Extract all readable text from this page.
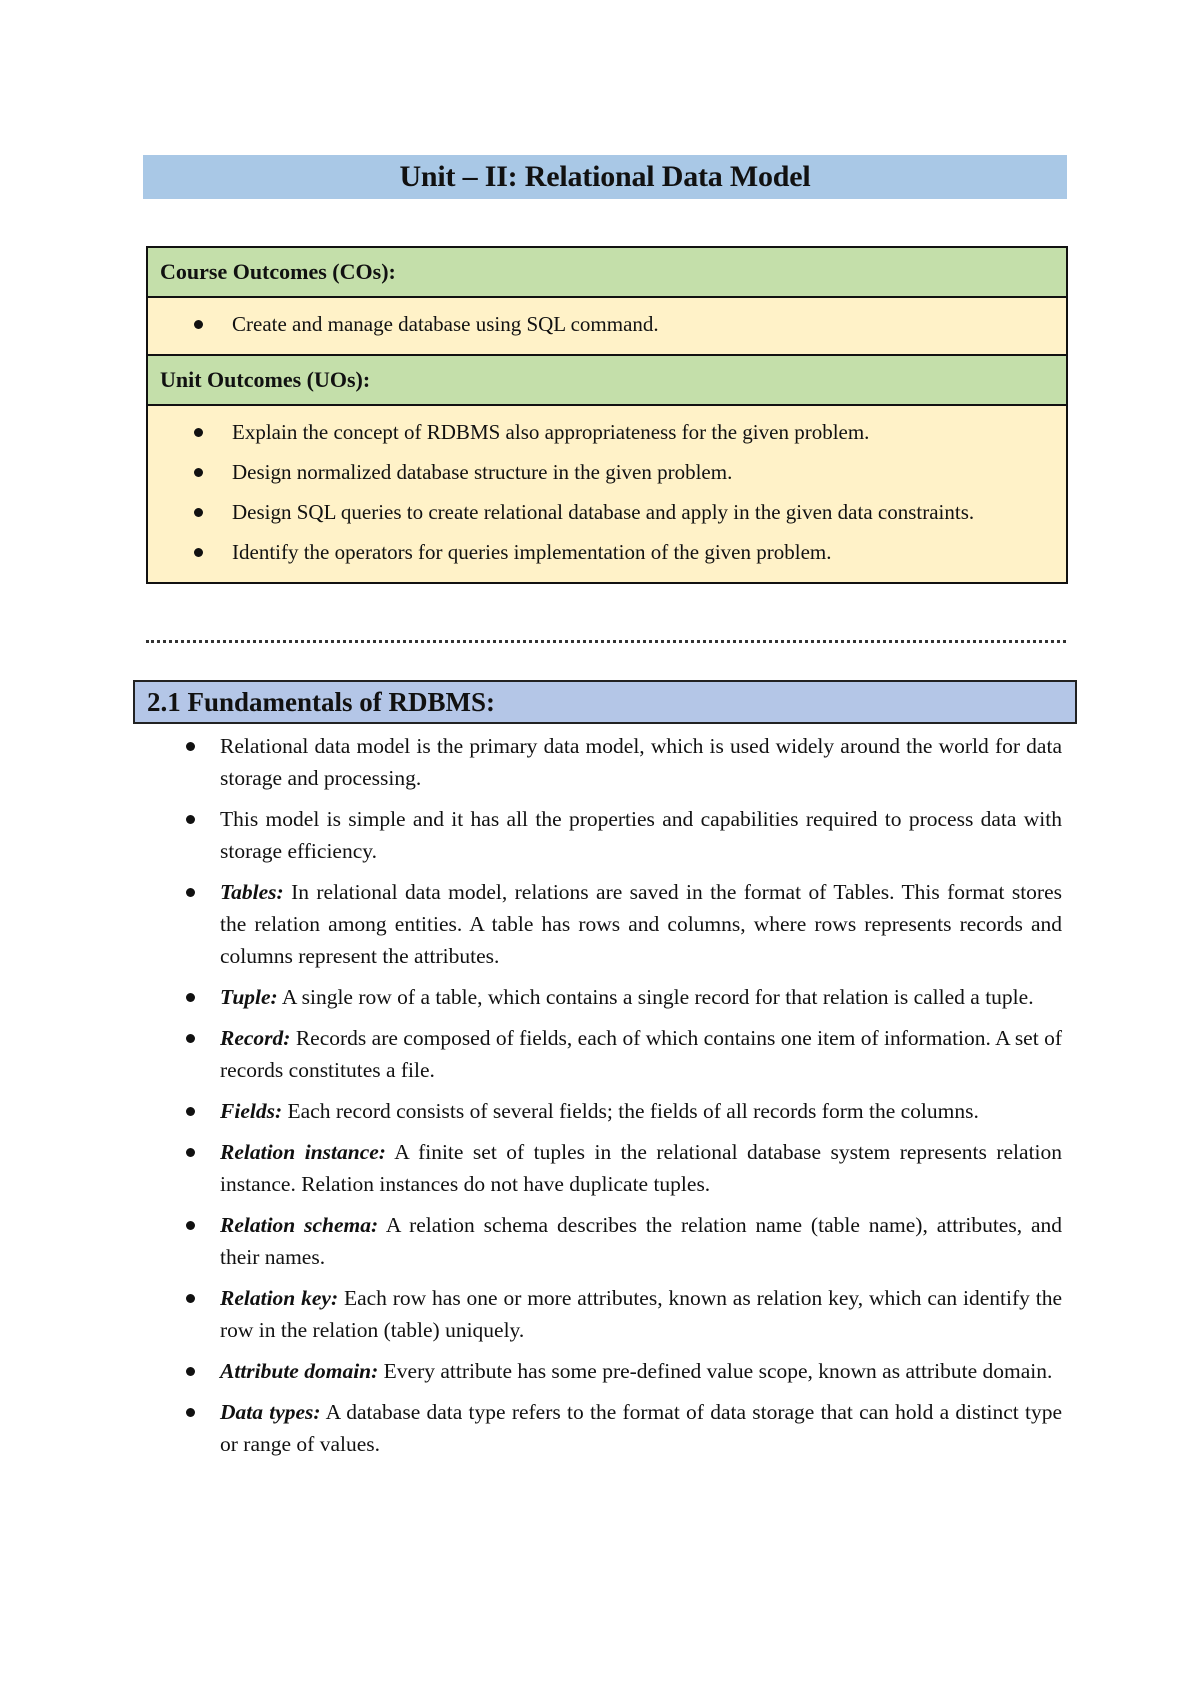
Unit – II: Relational Data Model
Course Outcomes (COs):
Create and manage database using SQL command.
Unit Outcomes (UOs):
Explain the concept of RDBMS also appropriateness for the given problem.
Design normalized database structure in the given problem.
Design SQL queries to create relational database and apply in the given data constraints.
Identify the operators for queries implementation of the given problem.
2.1 Fundamentals of RDBMS:
Relational data model is the primary data model, which is used widely around the world for data storage and processing.
This model is simple and it has all the properties and capabilities required to process data with storage efficiency.
Tables: In relational data model, relations are saved in the format of Tables. This format stores the relation among entities. A table has rows and columns, where rows represents records and columns represent the attributes.
Tuple: A single row of a table, which contains a single record for that relation is called a tuple.
Record: Records are composed of fields, each of which contains one item of information. A set of records constitutes a file.
Fields: Each record consists of several fields; the fields of all records form the columns.
Relation instance: A finite set of tuples in the relational database system represents relation instance. Relation instances do not have duplicate tuples.
Relation schema: A relation schema describes the relation name (table name), attributes, and their names.
Relation key: Each row has one or more attributes, known as relation key, which can identify the row in the relation (table) uniquely.
Attribute domain: Every attribute has some pre-defined value scope, known as attribute domain.
Data types: A database data type refers to the format of data storage that can hold a distinct type or range of values.
